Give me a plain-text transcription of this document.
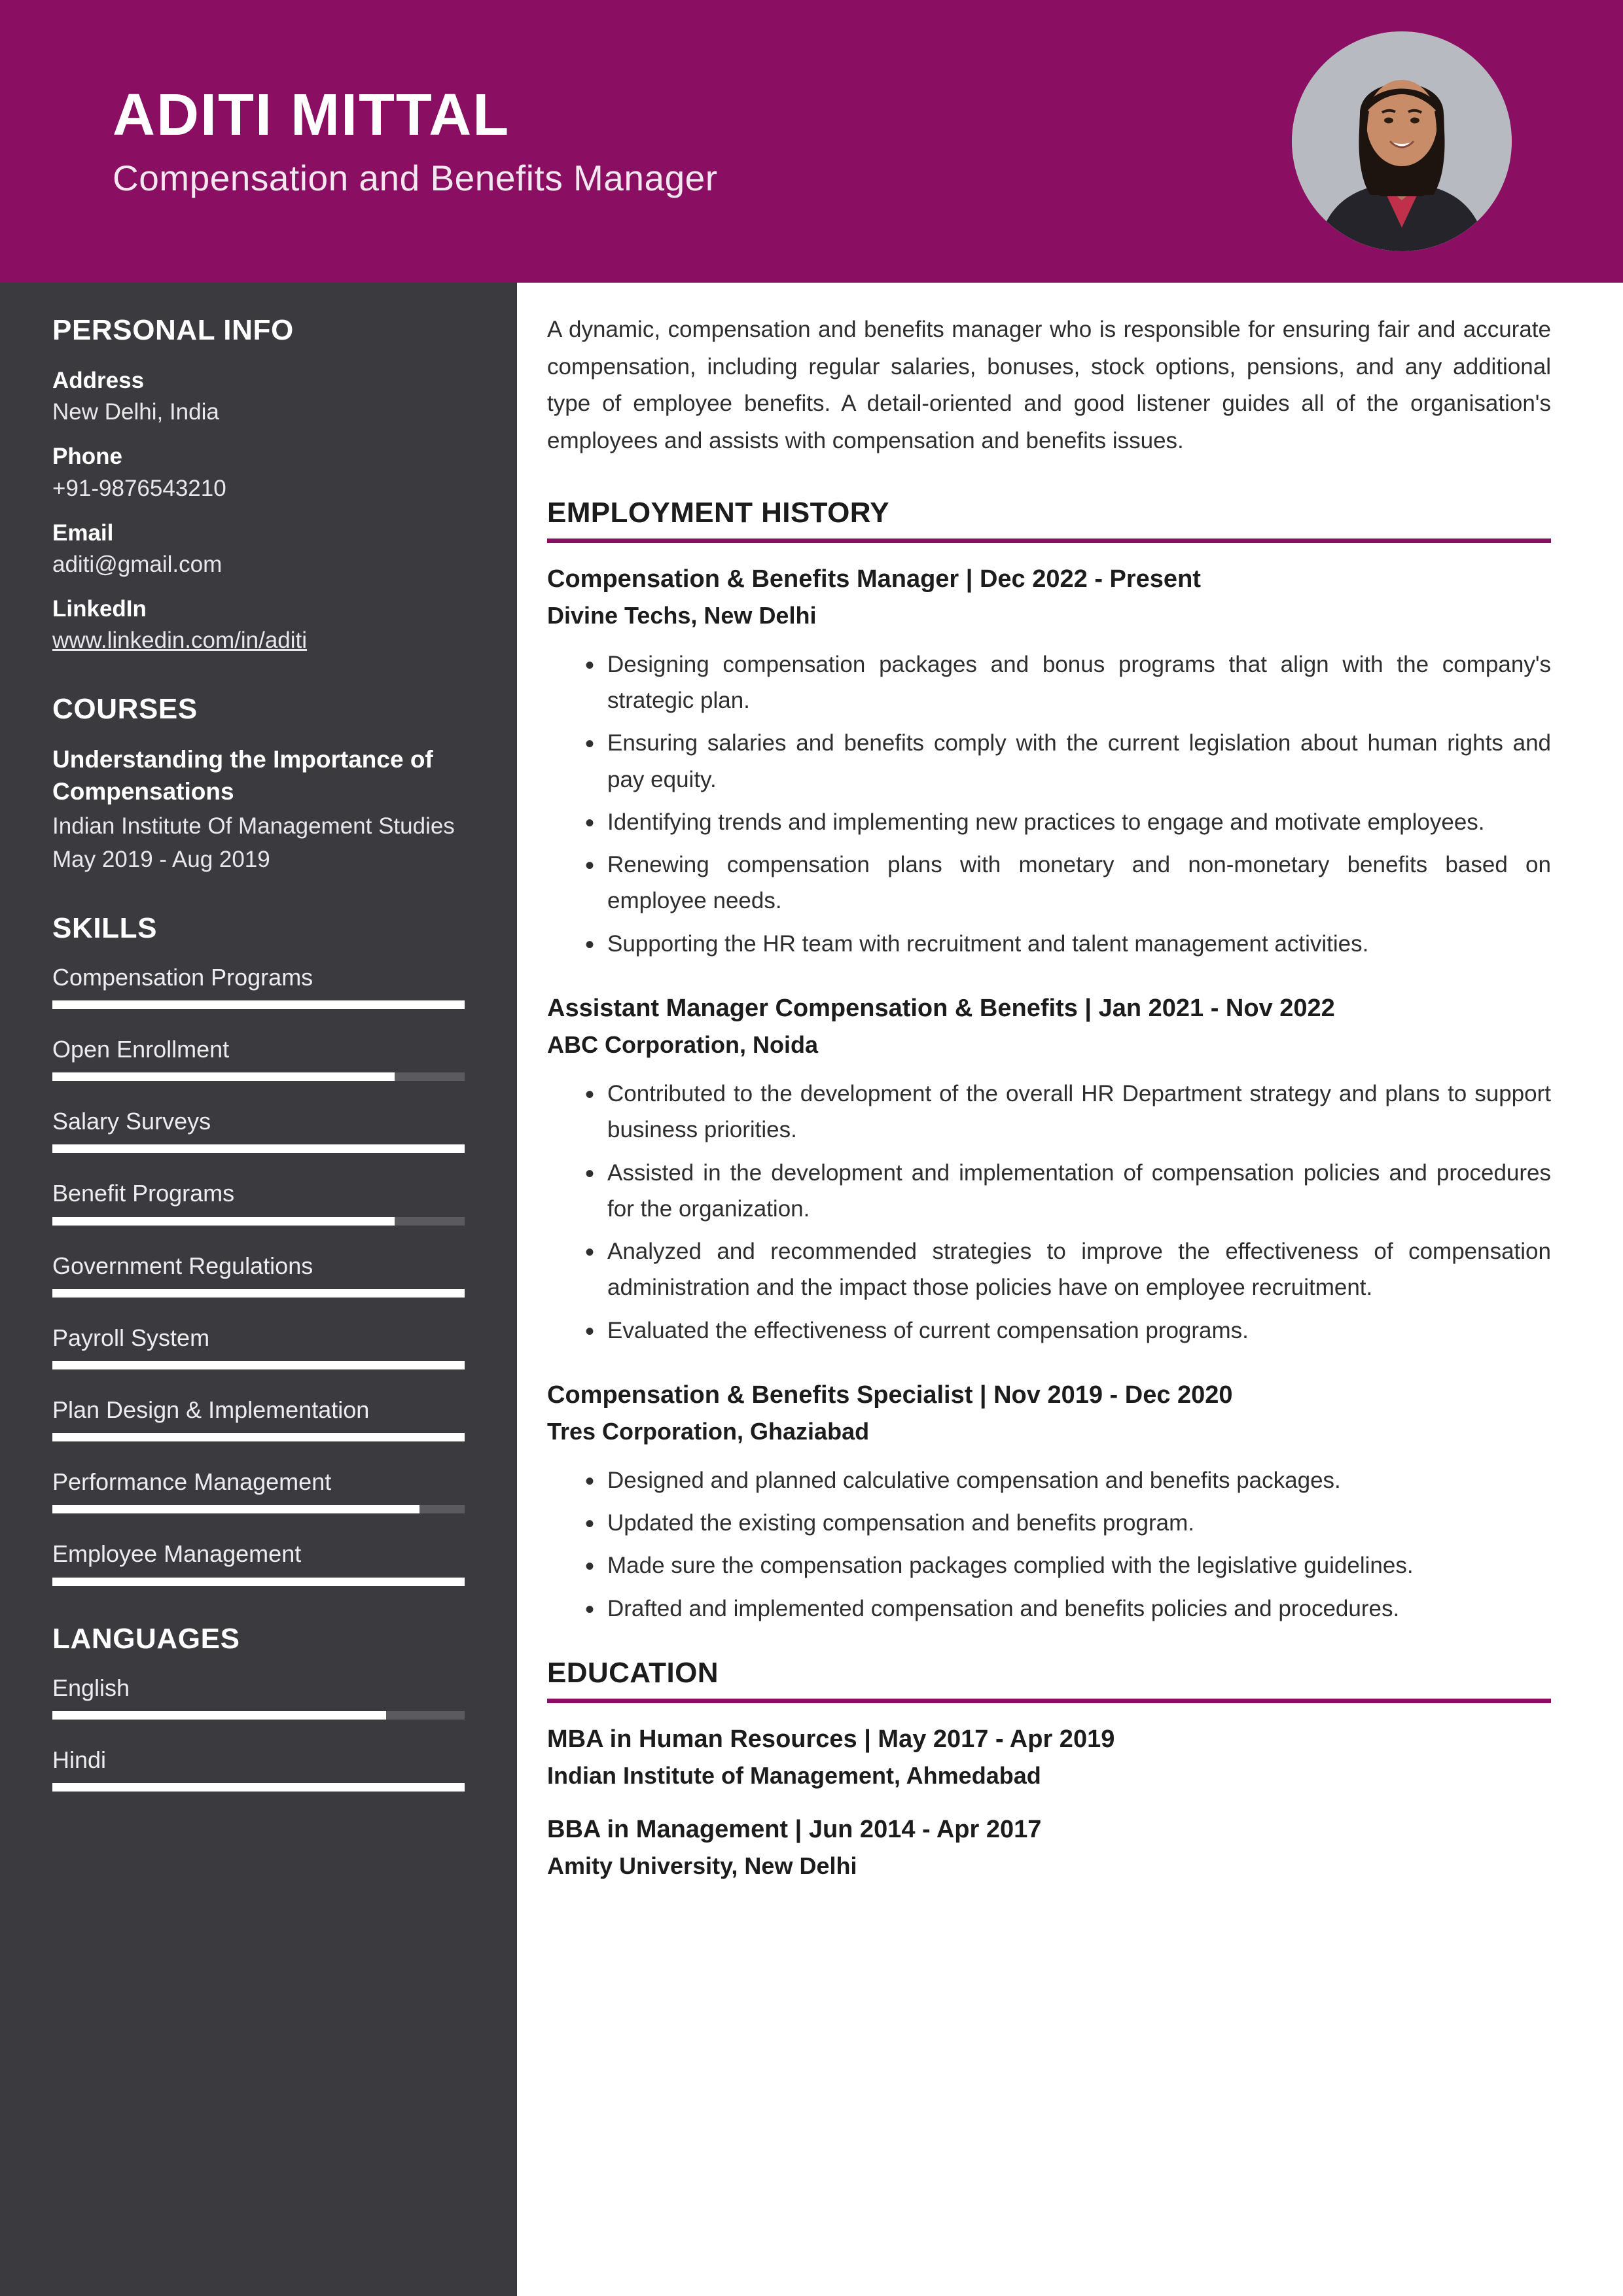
ADITI MITTAL
Compensation and Benefits Manager
PERSONAL INFO
Address
New Delhi, India
Phone
+91-9876543210
Email
aditi@gmail.com
LinkedIn
www.linkedin.com/in/aditi
COURSES
Understanding the Importance of Compensations
Indian Institute Of Management Studies
May 2019 - Aug 2019
SKILLS
Compensation Programs
Open Enrollment
Salary Surveys
Benefit Programs
Government Regulations
Payroll System
Plan Design & Implementation
Performance Management
Employee Management
LANGUAGES
English
Hindi

A dynamic, compensation and benefits manager who is responsible for ensuring fair and accurate compensation, including regular salaries, bonuses, stock options, pensions, and any additional type of employee benefits. A detail-oriented and good listener guides all of the organisation's employees and assists with compensation and benefits issues.

EMPLOYMENT HISTORY
Compensation & Benefits Manager | Dec 2022 - Present
Divine Techs, New Delhi
• Designing compensation packages and bonus programs that align with the company's strategic plan.
• Ensuring salaries and benefits comply with the current legislation about human rights and pay equity.
• Identifying trends and implementing new practices to engage and motivate employees.
• Renewing compensation plans with monetary and non-monetary benefits based on employee needs.
• Supporting the HR team with recruitment and talent management activities.
Assistant Manager Compensation & Benefits | Jan 2021 - Nov 2022
ABC Corporation, Noida
• Contributed to the development of the overall HR Department strategy and plans to support business priorities.
• Assisted in the development and implementation of compensation policies and procedures for the organization.
• Analyzed and recommended strategies to improve the effectiveness of compensation administration and the impact those policies have on employee recruitment.
• Evaluated the effectiveness of current compensation programs.
Compensation & Benefits Specialist | Nov 2019 - Dec 2020
Tres Corporation, Ghaziabad
• Designed and planned calculative compensation and benefits packages.
• Updated the existing compensation and benefits program.
• Made sure the compensation packages complied with the legislative guidelines.
• Drafted and implemented compensation and benefits policies and procedures.
EDUCATION
MBA in Human Resources | May 2017 - Apr 2019
Indian Institute of Management, Ahmedabad
BBA in Management | Jun 2014 - Apr 2017
Amity University, New Delhi
